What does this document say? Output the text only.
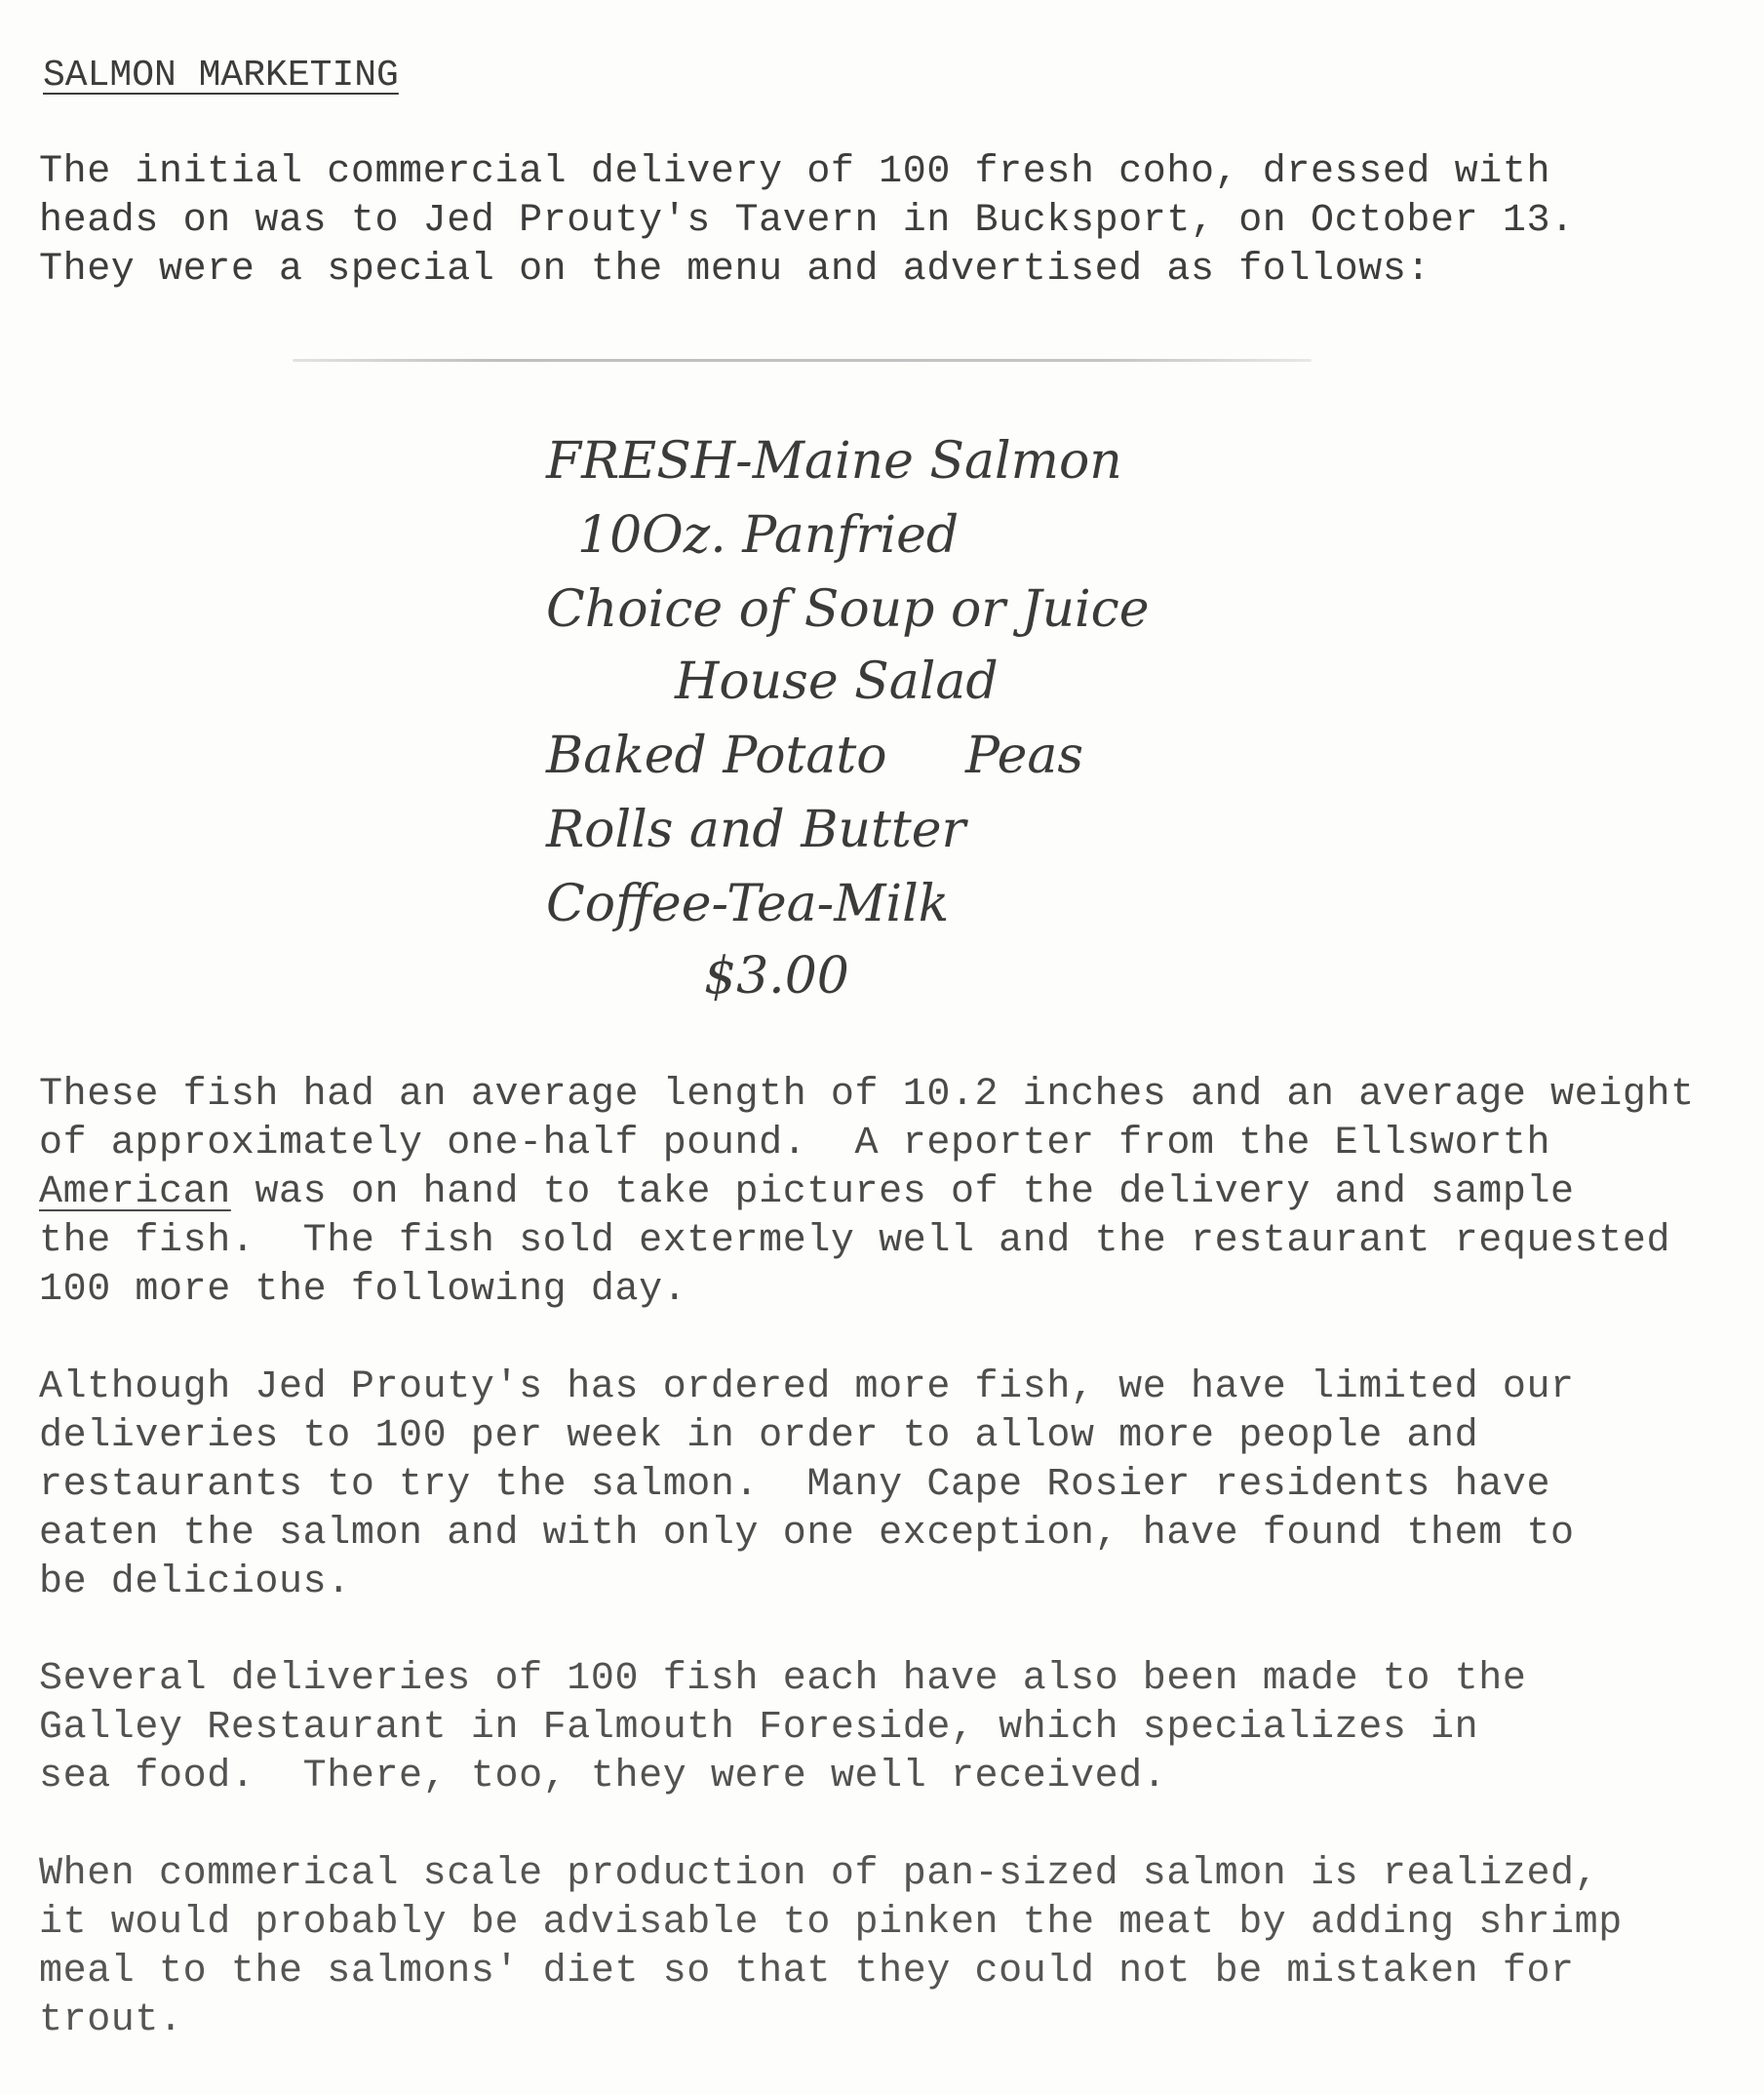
SALMON MARKETING
The initial commercial delivery of 100 fresh coho, dressed with
heads on was to Jed Prouty's Tavern in Bucksport, on October 13.
They were a special on the menu and advertised as follows:
FRESH-Maine Salmon
10Oz. Panfried
Choice of Soup or Juice
House Salad
Baked Potato Peas
Rolls and Butter
Coffee-Tea-Milk
$3.00
These fish had an average length of 10.2 inches and an average weight
of approximately one-half pound.  A reporter from the Ellsworth
American was on hand to take pictures of the delivery and sample
the fish.  The fish sold extermely well and the restaurant requested
100 more the following day.
Although Jed Prouty's has ordered more fish, we have limited our
deliveries to 100 per week in order to allow more people and
restaurants to try the salmon.  Many Cape Rosier residents have
eaten the salmon and with only one exception, have found them to
be delicious.
Several deliveries of 100 fish each have also been made to the
Galley Restaurant in Falmouth Foreside, which specializes in
sea food.  There, too, they were well received.
When commerical scale production of pan-sized salmon is realized,
it would probably be advisable to pinken the meat by adding shrimp
meal to the salmons' diet so that they could not be mistaken for
trout.
